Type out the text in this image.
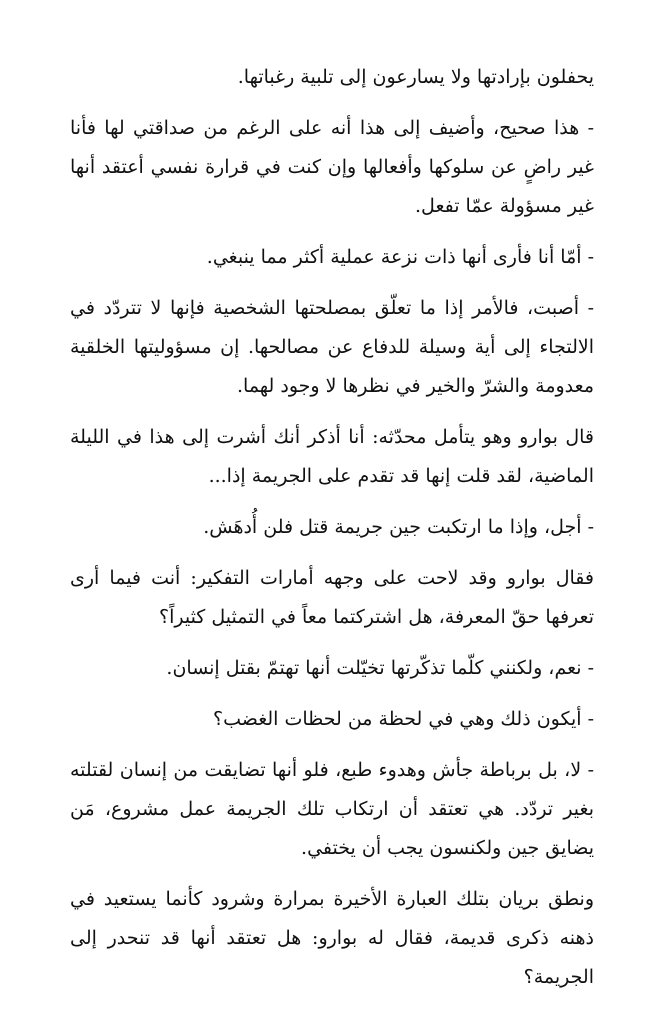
يحفلون بإرادتها ولا يسارعون إلى تلبية رغباتها.

- هذا صحيح، وأضيف إلى هذا أنه على الرغم من صداقتي لها فأنا غير راضٍ عن سلوكها وأفعالها وإن كنت في قرارة نفسي أعتقد أنها غير مسؤولة عمّا تفعل.

- أمّا أنا فأرى أنها ذات نزعة عملية أكثر مما ينبغي.

- أصبت، فالأمر إذا ما تعلّق بمصلحتها الشخصية فإنها لا تتردّد في الالتجاء إلى أية وسيلة للدفاع عن مصالحها. إن مسؤوليتها الخلقية معدومة والشرّ والخير في نظرها لا وجود لهما.

قال بوارو وهو يتأمل محدّثه: أنا أذكر أنك أشرت إلى هذا في الليلة الماضية، لقد قلت إنها قد تقدم على الجريمة إذا...

- أجل، وإذا ما ارتكبت جين جريمة قتل فلن أُدهَش.

فقال بوارو وقد لاحت على وجهه أمارات التفكير: أنت فيما أرى تعرفها حقّ المعرفة، هل اشتركتما معاً في التمثيل كثيراً؟

- نعم، ولكنني كلّما تذكّرتها تخيّلت أنها تهتمّ بقتل إنسان.

- أيكون ذلك وهي في لحظة من لحظات الغضب؟

- لا، بل برباطة جأش وهدوء طبع، فلو أنها تضايقت من إنسان لقتلته بغير تردّد. هي تعتقد أن ارتكاب تلك الجريمة عمل مشروع، مَن يضايق جين ولكنسون يجب أن يختفي.

ونطق بريان بتلك العبارة الأخيرة بمرارة وشرود كأنما يستعيد في ذهنه ذكرى قديمة، فقال له بوارو: هل تعتقد أنها قد تنحدر إلى الجريمة؟
